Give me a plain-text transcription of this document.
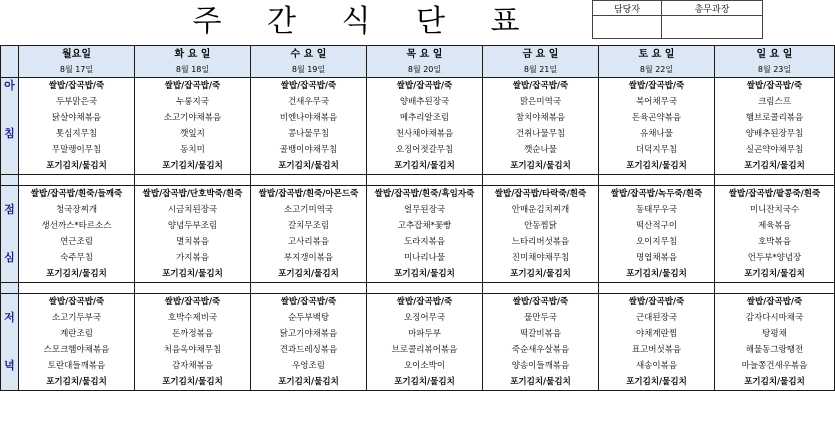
주 간 식 단 표	담당자	총무과장

	월요일	화 요 일	수 요 일	목 요 일	금 요 일	토 요 일	일 요 일
	8월 17일	8월 18일	8월 19일	8월 20일	8월 21일	8월 22일	8월 23일
아	쌀밥/잡곡밥/죽	쌀밥/잡곡밥/죽	쌀밥/잡곡밥/죽	쌀밥/잡곡밥/죽	쌀밥/잡곡밥/죽	쌀밥/잡곡밥/죽	쌀밥/잡곡밥/죽
	두부맑은국	누룽지국	건새우무국	양배추된장국	맑은미역국	북어채무국	크림스프
	닭살야채볶음	소고기야채볶음	비엔나야채볶음	메추리알조림	참치야채볶음	돈육곤약볶음	햄브로콜리볶음
침	톳심지무침	깻잎지	콩나물무침	천사채야채볶음	건취나물무침	유채나물	양배추된장무침
	무말랭이무침	동치미	골뱅이야채무침	오징어젓갈무침	깻순나물	더덕지무침	실곤약야채무침
	포기김치/물김치	포기김치/물김치	포기김치/물김치	포기김치/물김치	포기김치/물김치	포기김치/물김치	포기김치/물김치

	쌀밥/잡곡밥/흰죽/들깨죽	쌀밥/잡곡밥/단호박죽/흰죽	쌀밥/잡곡밥/흰죽/아몬드죽	쌀밥/잡곡밥/흰죽/흑임자죽	쌀밥/잡곡밥/타락죽/흰죽	쌀밥/잡곡밥/녹두죽/흰죽	쌀밥/잡곡밥/팥콩죽/흰죽
점	청국장찌개	시금치된장국	소고기미역국	얼무된장국	안매운김치찌개	동태무우국	미니잔치국수
	생선까스*타르소스	양념두부조림	갈치무조림	고추잡채*꽃빵	안동찜닭	떡산적구이	제육볶음
	연근조림	멸치볶음	고사리볶음	도라지볶음	느타리버섯볶음	오이지무침	호박볶음
심	숙주무침	가지볶음	부지갱이볶음	미나리나물	진미채야채무침	명엽채볶음	언두부*양념장
	포기김치/물김치	포기김치/물김치	포기김치/물김치	포기김치/물김치	포기김치/물김치	포기김치/물김치	포기김치/물김치

	쌀밥/잡곡밥/죽	쌀밥/잡곡밥/죽	쌀밥/잡곡밥/죽	쌀밥/잡곡밥/죽	쌀밥/잡곡밥/죽	쌀밥/잡곡밥/죽	쌀밥/잡곡밥/죽
저	소고기두부국	호박수제비국	순두부백탕	오징어무국	물만두국	근대된장국	감자다시마채국
	계란조림	돈까정볶음	닭고기야채볶음	마파두부	떡갈비볶음	야채계란찜	탕평채
	스모크햄야채볶음	처음옥야채무침	견과드레싱볶음	브로콜리볶어볶음	죽순새우살볶음	표고버섯볶음	해물동그랑땡전
녁	토란대들깨볶음	감자채볶음	우엉조림	오이소박이	양송이들깨볶음	새송이볶음	마늘쫑건새우볶음
	포기김치/물김치	포기김치/물김치	포기김치/물김치	포기김치/물김치	포기김치/물김치	포기김치/물김치	포기김치/물김치
